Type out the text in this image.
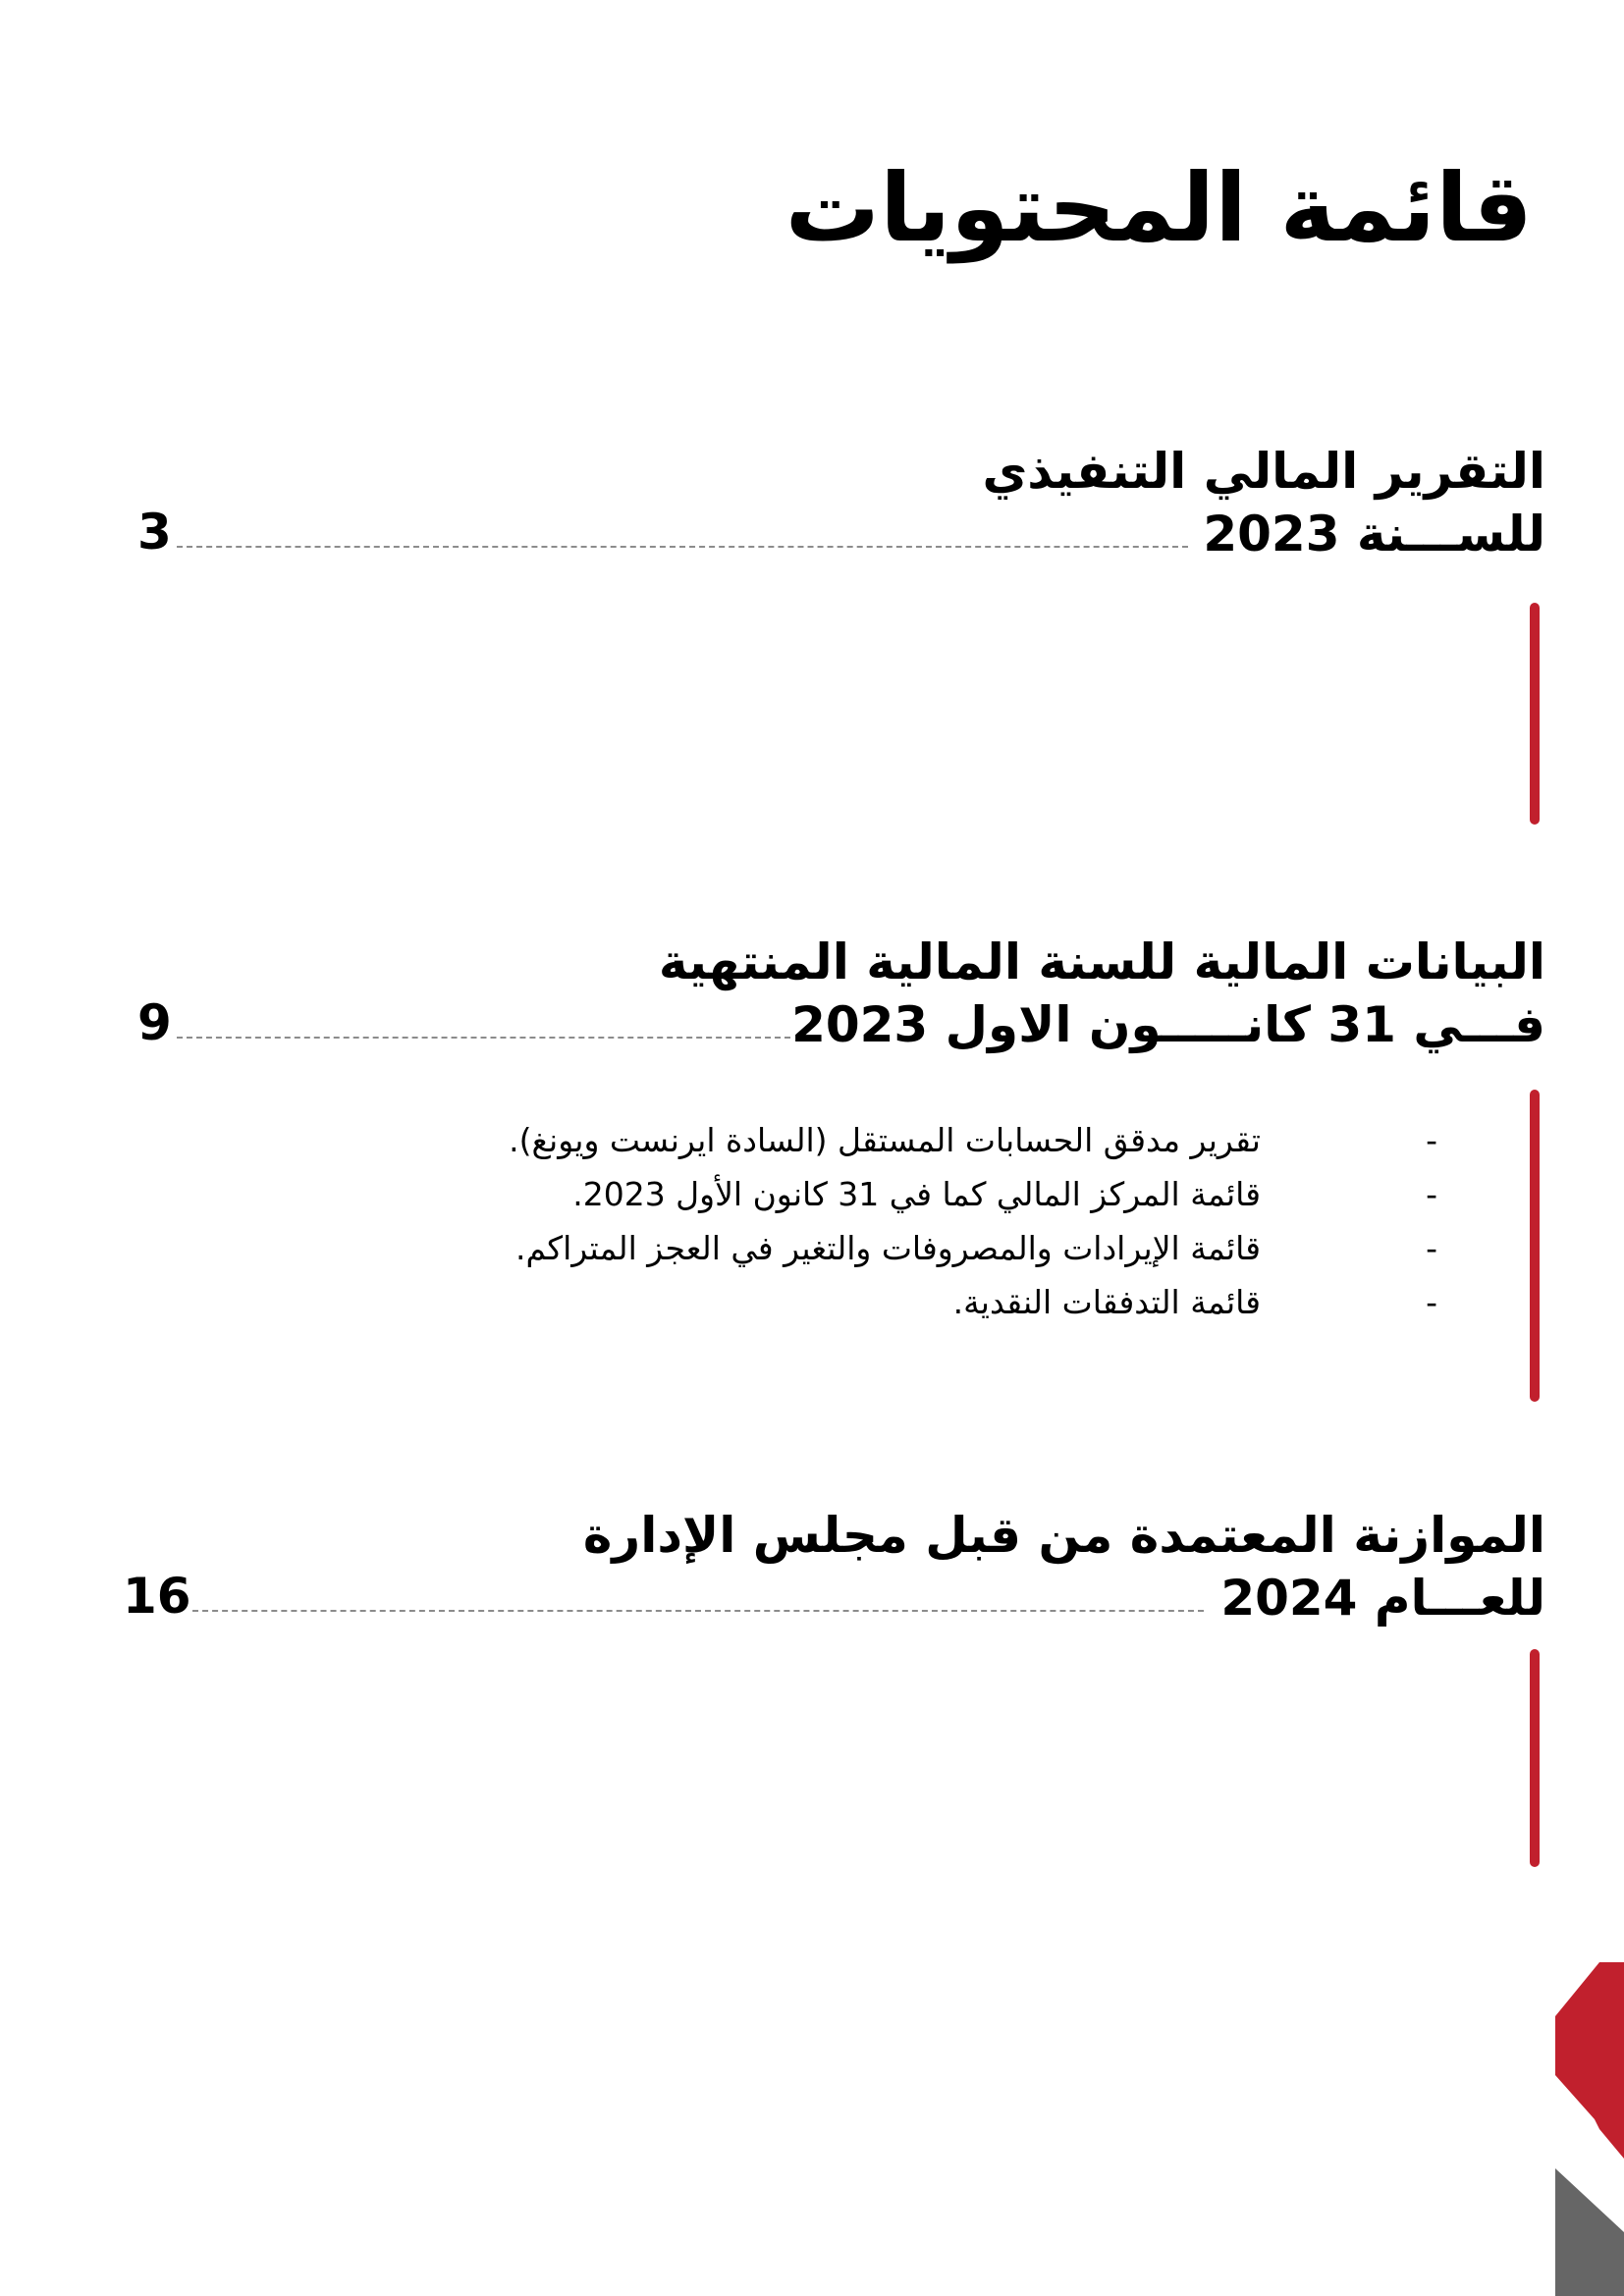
قائمة المحتويات
التقرير المالي التنفيذي
للســـنة 2023
3
البيانات المالية للسنة المالية المنتهية
فـــي 31 كانـــــون الاول 2023
9
-
تقرير مدقق الحسابات المستقل (السادة ايرنست ويونغ).
-
قائمة المركز المالي كما في 31 كانون الأول 2023.
-
قائمة الإيرادات والمصروفات والتغير في العجز المتراكم.
-
قائمة التدفقات النقدية.
الموازنة المعتمدة من قبل مجلس الإدارة
للعـــام 2024
16
